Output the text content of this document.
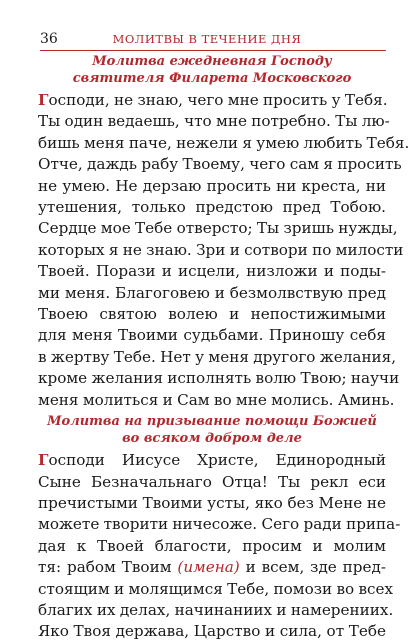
36	МОЛИТВЫ В ТЕЧЕНИЕ ДНЯ

Молитва ежедневная Господу
святителя Филарета Московского

Господи, не знаю, чего мне просить у Тебя.
Ты один ведаешь, что мне потребно. Ты лю-
бишь меня паче, нежели я умею любить Тебя.
Отче, даждь рабу Твоему, чего сам я просить
не умею. Не дерзаю просить ни креста, ни
утешения, только предстою пред Тобою.
Сердце мое Тебе отверсто; Ты зришь нужды,
которых я не знаю. Зри и сотвори по милости
Твоей. Порази и исцели, низложи и поды-
ми меня. Благоговею и безмолвствую пред
Твоею святою волею и непостижимыми
для меня Твоими судьбами. Приношу себя
в жертву Тебе. Нет у меня другого желания,
кроме желания исполнять волю Твою; научи
меня молиться и Сам во мне молись. Аминь.

Молитва на призывание помощи Божией
во всяком добром деле

Господи Иисусе Христе, Единородный
Сыне Безначальнаго Отца! Ты рекл еси
пречистыми Твоими усты, яко без Мене не
можете творити ничесоже. Сего ради припа-
дая к Твоей благости, просим и молим
тя: рабом Твоим (имена) и всем, зде пред-
стоящим и молящимся Тебе, помози во всех
благих их делах, начинаниих и намерениих.
Яко Твоя держава, Царство и сила, от Тебе
